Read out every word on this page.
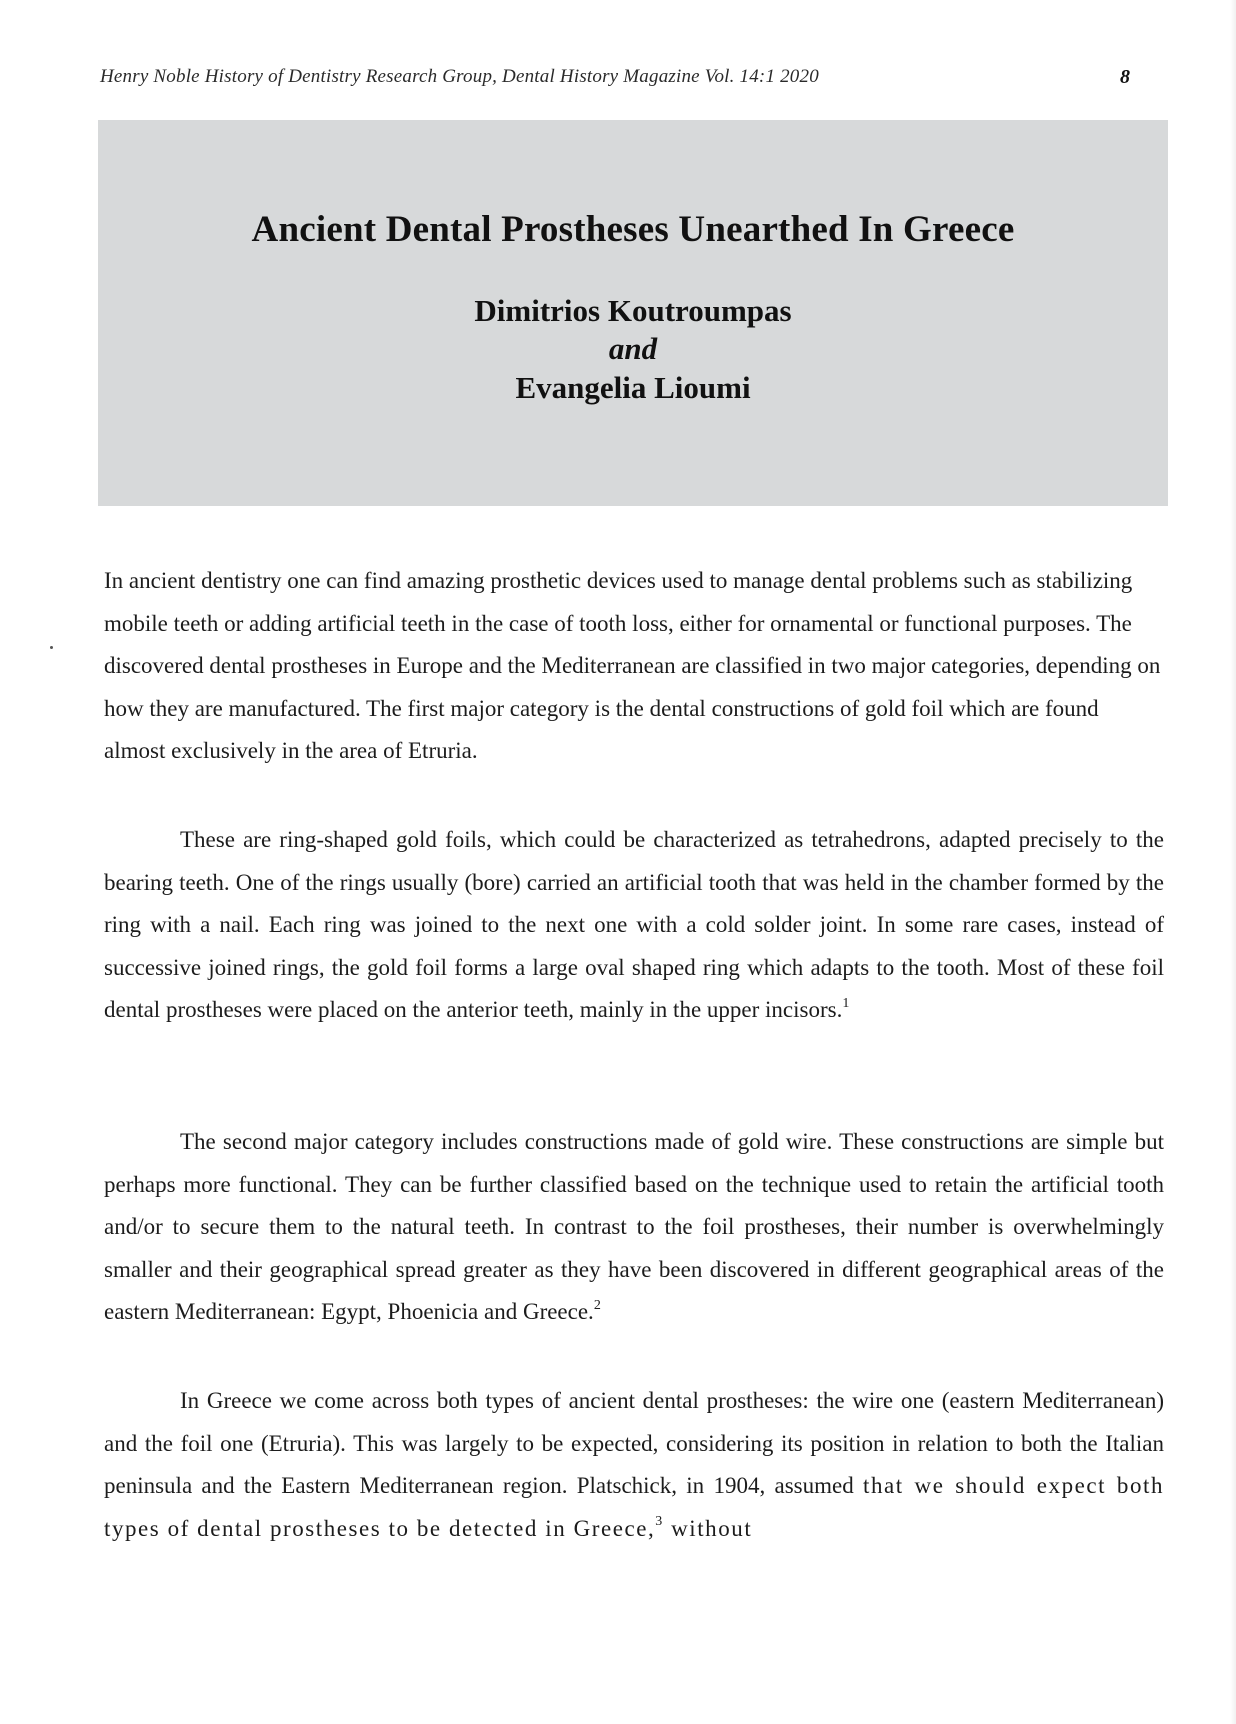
Henry Noble History of Dentistry Research Group, Dental History Magazine Vol. 14:1 2020	8
Ancient Dental Prostheses Unearthed In Greece
Dimitrios Koutroumpas
and
Evangelia Lioumi

In ancient dentistry one can find amazing prosthetic devices used to manage dental problems such as stabilizing mobile teeth or adding artificial teeth in the case of tooth loss, either for ornamental or functional purposes. The discovered dental prostheses in Europe and the Mediterranean are classified in two major categories, depending on how they are manufactured. The first major category is the dental constructions of gold foil which are found almost exclusively in the area of Etruria.

These are ring-shaped gold foils, which could be characterized as tetrahedrons, adapted precisely to the bearing teeth. One of the rings usually (bore) carried an artificial tooth that was held in the chamber formed by the ring with a nail. Each ring was joined to the next one with a cold solder joint. In some rare cases, instead of successive joined rings, the gold foil forms a large oval shaped ring which adapts to the tooth. Most of these foil dental prostheses were placed on the anterior teeth, mainly in the upper incisors.$^1$

The second major category includes constructions made of gold wire. These constructions are simple but perhaps more functional. They can be further classified based on the technique used to retain the artificial tooth and/or to secure them to the natural teeth. In contrast to the foil prostheses, their number is overwhelmingly smaller and their geographical spread greater as they have been discovered in different geographical areas of the eastern Mediterranean: Egypt, Phoenicia and Greece.$^2$

In Greece we come across both types of ancient dental prostheses: the wire one (eastern Mediterranean) and the foil one (Etruria). This was largely to be expected, considering its position in relation to both the Italian peninsula and the Eastern Mediterranean region. Platschick, in 1904, assumed that we should expect both types of dental prostheses to be detected in Greece,$^3$ without
